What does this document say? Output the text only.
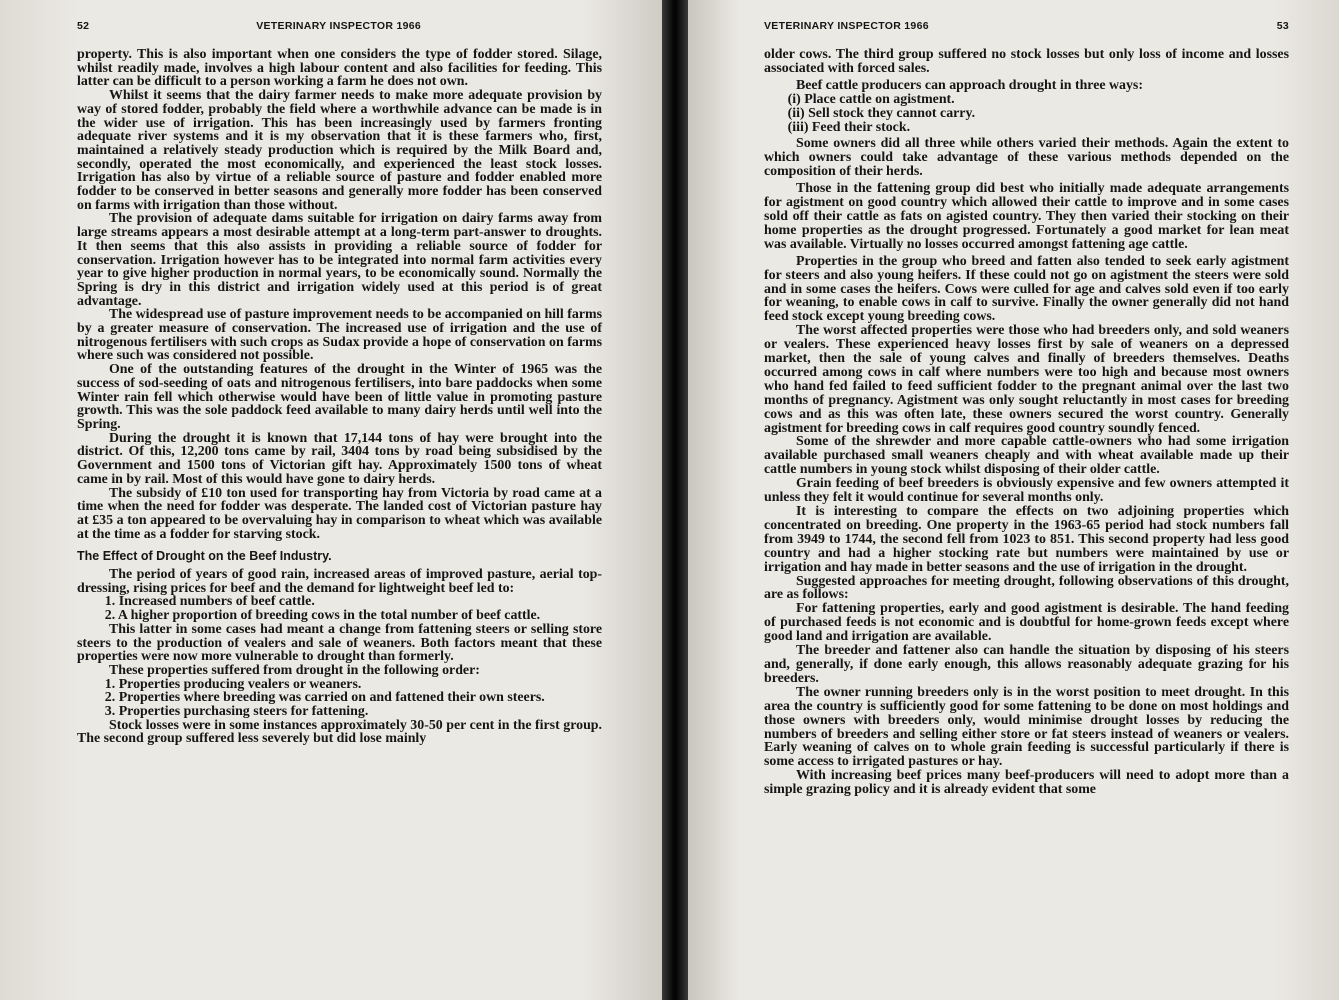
52	VETERINARY INSPECTOR 1966

property. This is also important when one considers the type of fodder stored. Silage, whilst readily made, involves a high labour content and also facilities for feeding. This latter can be difficult to a person working a farm he does not own.

Whilst it seems that the dairy farmer needs to make more adequate provision by way of stored fodder, probably the field where a worthwhile advance can be made is in the wider use of irrigation. This has been increasingly used by farmers fronting adequate river systems and it is my observation that it is these farmers who, first, maintained a relatively steady production which is required by the Milk Board and, secondly, operated the most economically, and experienced the least stock losses. Irrigation has also by virtue of a reliable source of pasture and fodder enabled more fodder to be conserved in better seasons and generally more fodder has been conserved on farms with irrigation than those without.

The provision of adequate dams suitable for irrigation on dairy farms away from large streams appears a most desirable attempt at a long-term part-answer to droughts. It then seems that this also assists in providing a reliable source of fodder for conservation. Irrigation however has to be integrated into normal farm activities every year to give higher production in normal years, to be economically sound. Normally the Spring is dry in this district and irrigation widely used at this period is of great advantage.

The widespread use of pasture improvement needs to be accompanied on hill farms by a greater measure of conservation. The increased use of irrigation and the use of nitrogenous fertilisers with such crops as Sudax provide a hope of conservation on farms where such was considered not possible.

One of the outstanding features of the drought in the Winter of 1965 was the success of sod-seeding of oats and nitrogenous fertilisers, into bare paddocks when some Winter rain fell which otherwise would have been of little value in promoting pasture growth. This was the sole paddock feed available to many dairy herds until well into the Spring.

During the drought it is known that 17,144 tons of hay were brought into the district. Of this, 12,200 tons came by rail, 3404 tons by road being subsidised by the Government and 1500 tons of Victorian gift hay. Approximately 1500 tons of wheat came in by rail. Most of this would have gone to dairy herds.

The subsidy of £10 ton used for transporting hay from Victoria by road came at a time when the need for fodder was desperate. The landed cost of Victorian pasture hay at £35 a ton appeared to be overvaluing hay in comparison to wheat which was available at the time as a fodder for starving stock.

The Effect of Drought on the Beef Industry.

The period of years of good rain, increased areas of improved pasture, aerial top-dressing, rising prices for beef and the demand for lightweight beef led to:

1. Increased numbers of beef cattle.

2. A higher proportion of breeding cows in the total number of beef cattle.

This latter in some cases had meant a change from fattening steers or selling store steers to the production of vealers and sale of weaners. Both factors meant that these properties were now more vulnerable to drought than formerly.

These properties suffered from drought in the following order:

1. Properties producing vealers or weaners.

2. Properties where breeding was carried on and fattened their own steers.

3. Properties purchasing steers for fattening.

Stock losses were in some instances approximately 30-50 per cent in the first group. The second group suffered less severely but did lose mainly

VETERINARY INSPECTOR 1966	53

older cows. The third group suffered no stock losses but only loss of income and losses associated with forced sales.

Beef cattle producers can approach drought in three ways:

(i) Place cattle on agistment.

(ii) Sell stock they cannot carry.

(iii) Feed their stock.

Some owners did all three while others varied their methods. Again the extent to which owners could take advantage of these various methods depended on the composition of their herds.

Those in the fattening group did best who initially made adequate arrangements for agistment on good country which allowed their cattle to improve and in some cases sold off their cattle as fats on agisted country. They then varied their stocking on their home properties as the drought progressed. Fortunately a good market for lean meat was available. Virtually no losses occurred amongst fattening age cattle.

Properties in the group who breed and fatten also tended to seek early agistment for steers and also young heifers. If these could not go on agistment the steers were sold and in some cases the heifers. Cows were culled for age and calves sold even if too early for weaning, to enable cows in calf to survive. Finally the owner generally did not hand feed stock except young breeding cows.

The worst affected properties were those who had breeders only, and sold weaners or vealers. These experienced heavy losses first by sale of weaners on a depressed market, then the sale of young calves and finally of breeders themselves. Deaths occurred among cows in calf where numbers were too high and because most owners who hand fed failed to feed sufficient fodder to the pregnant animal over the last two months of pregnancy. Agistment was only sought reluctantly in most cases for breeding cows and as this was often late, these owners secured the worst country. Generally agistment for breeding cows in calf requires good country soundly fenced.

Some of the shrewder and more capable cattle-owners who had some irrigation available purchased small weaners cheaply and with wheat available made up their cattle numbers in young stock whilst disposing of their older cattle.

Grain feeding of beef breeders is obviously expensive and few owners attempted it unless they felt it would continue for several months only.

It is interesting to compare the effects on two adjoining properties which concentrated on breeding. One property in the 1963-65 period had stock numbers fall from 3949 to 1744, the second fell from 1023 to 851. This second property had less good country and had a higher stocking rate but numbers were maintained by use or irrigation and hay made in better seasons and the use of irrigation in the drought.

Suggested approaches for meeting drought, following observations of this drought, are as follows:

For fattening properties, early and good agistment is desirable. The hand feeding of purchased feeds is not economic and is doubtful for home-grown feeds except where good land and irrigation are available.

The breeder and fattener also can handle the situation by disposing of his steers and, generally, if done early enough, this allows reasonably adequate grazing for his breeders.

The owner running breeders only is in the worst position to meet drought. In this area the country is sufficiently good for some fattening to be done on most holdings and those owners with breeders only, would minimise drought losses by reducing the numbers of breeders and selling either store or fat steers instead of weaners or vealers. Early weaning of calves on to whole grain feeding is successful particularly if there is some access to irrigated pastures or hay.

With increasing beef prices many beef-producers will need to adopt more than a simple grazing policy and it is already evident that some
